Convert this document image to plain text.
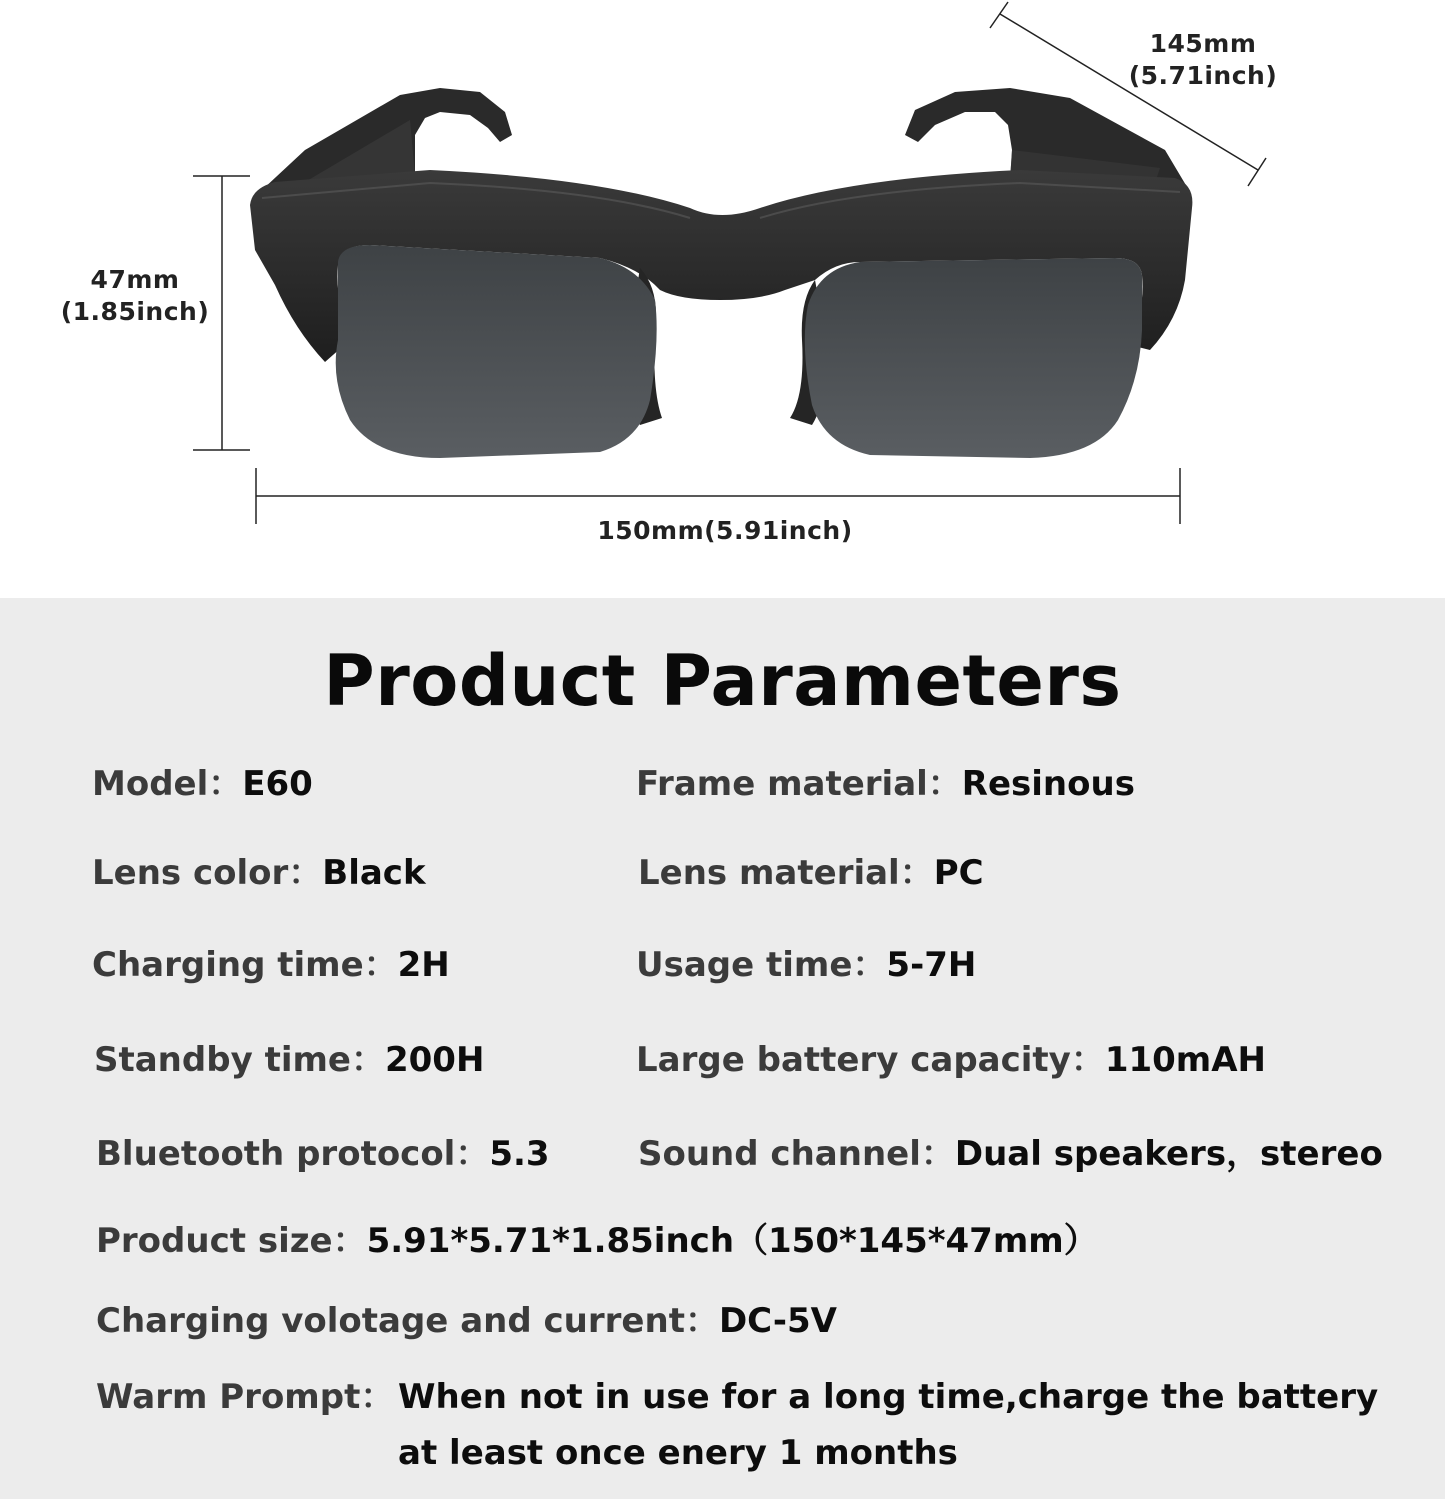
145mm
(5.71inch)
47mm
(1.85inch)
150mm(5.91inch)
Product Parameters
Model：E60	Frame material：Resinous
Lens color：Black	Lens material：PC
Charging time：2H	Usage time：5-7H
Standby time：200H	Large battery capacity：110mAH
Bluetooth protocol：5.3	Sound channel：Dual speakers，stereo
Product size：5.91*5.71*1.85inch（150*145*47mm）
Charging volotage and current：DC-5V
Warm Prompt： When not in use for a long time,charge the battery
at least once enery 1 months
